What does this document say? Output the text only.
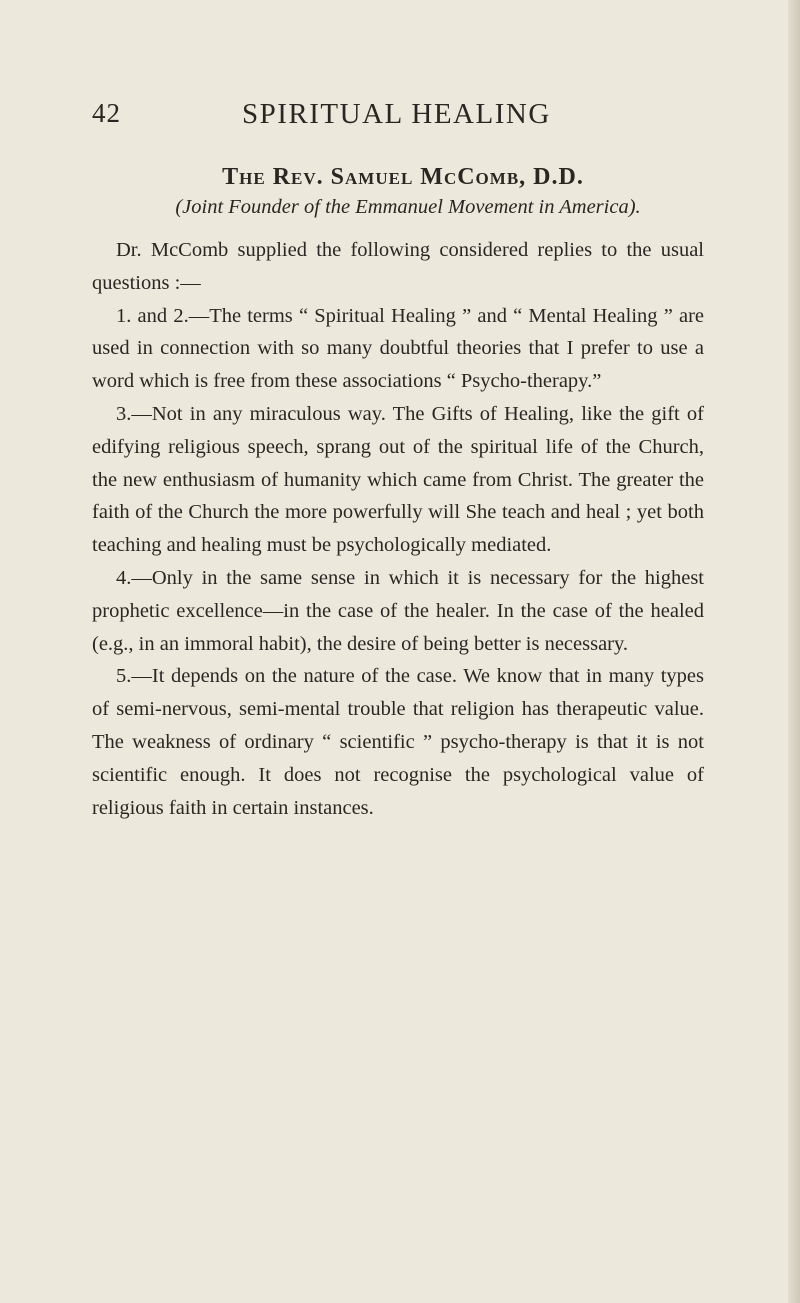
42	SPIRITUAL HEALING
The Rev. Samuel McComb, D.D.

(Joint Founder of the Emmanuel Movement in America).

Dr. McComb supplied the following considered replies to the usual questions :—

1. and 2.—The terms “ Spiritual Healing ” and “ Mental Healing ” are used in connection with so many doubtful theories that I prefer to use a word which is free from these associations “ Psycho-therapy.”

3.—Not in any miraculous way. The Gifts of Healing, like the gift of edifying religious speech, sprang out of the spiritual life of the Church, the new enthusiasm of humanity which came from Christ. The greater the faith of the Church the more powerfully will She teach and heal ; yet both teaching and healing must be psychologically mediated.

4.—Only in the same sense in which it is necessary for the highest prophetic excellence—in the case of the healer. In the case of the healed (e.g., in an immoral habit), the desire of being better is necessary.

5.—It depends on the nature of the case. We know that in many types of semi-nervous, semi-mental trouble that religion has therapeutic value. The weakness of ordinary “ scientific ” psycho-therapy is that it is not scientific enough. It does not recognise the psychological value of religious faith in certain instances.
